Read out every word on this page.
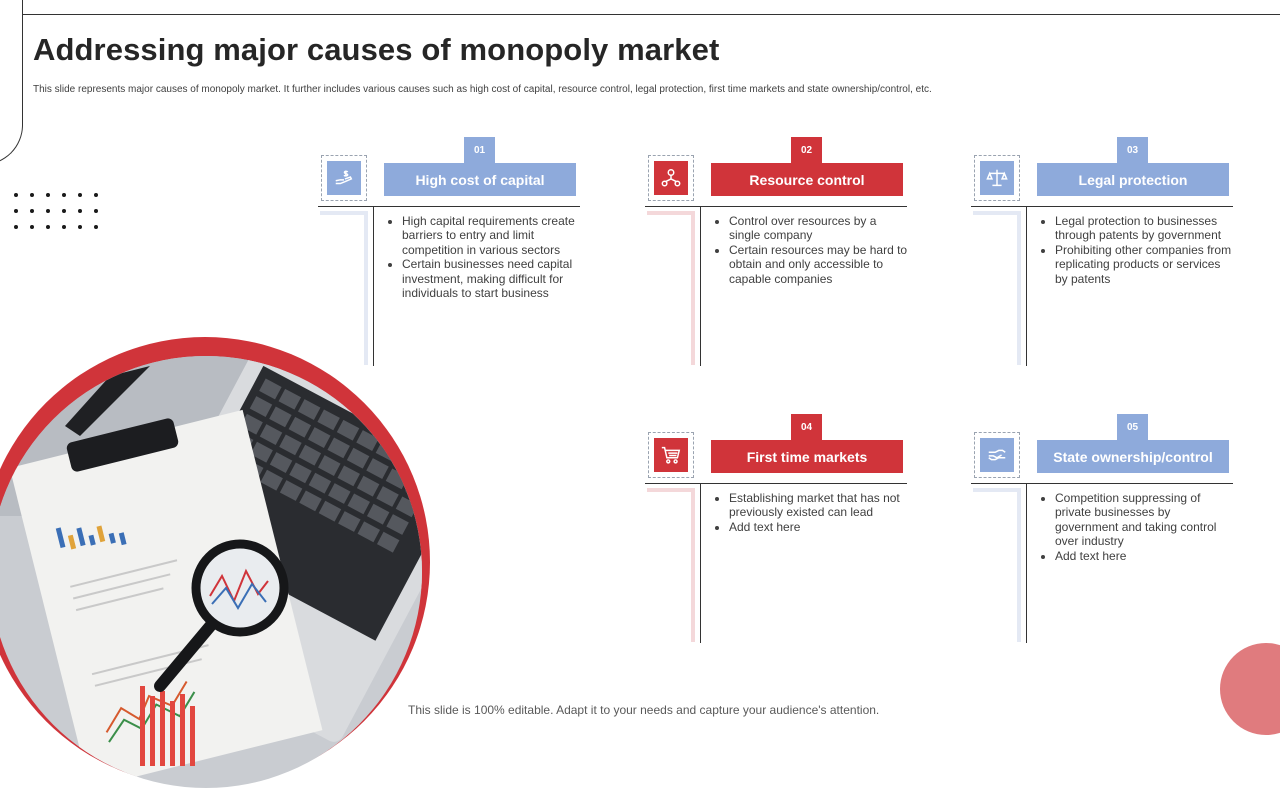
Addressing major causes of monopoly market

This slide represents major causes of monopoly market. It further includes various causes such as high cost of capital, resource control, legal protection, first time markets and state ownership/control, etc.

01
High cost of capital
• High capital requirements create barriers to entry and limit competition in various sectors
• Certain businesses need capital investment, making difficult for individuals to start business
02
Resource control
• Control over resources by a single company
• Certain resources may be hard to obtain and only accessible to capable companies
03
Legal protection
• Legal protection to businesses through patents by government
• Prohibiting other companies from replicating products or services by patents
04
First time markets
• Establishing market that has not previously existed can lead
• Add text here
05
State ownership/control
• Competition suppressing of private businesses by government and taking control over industry
• Add text here

This slide is 100% editable. Adapt it to your needs and capture your audience's attention.
